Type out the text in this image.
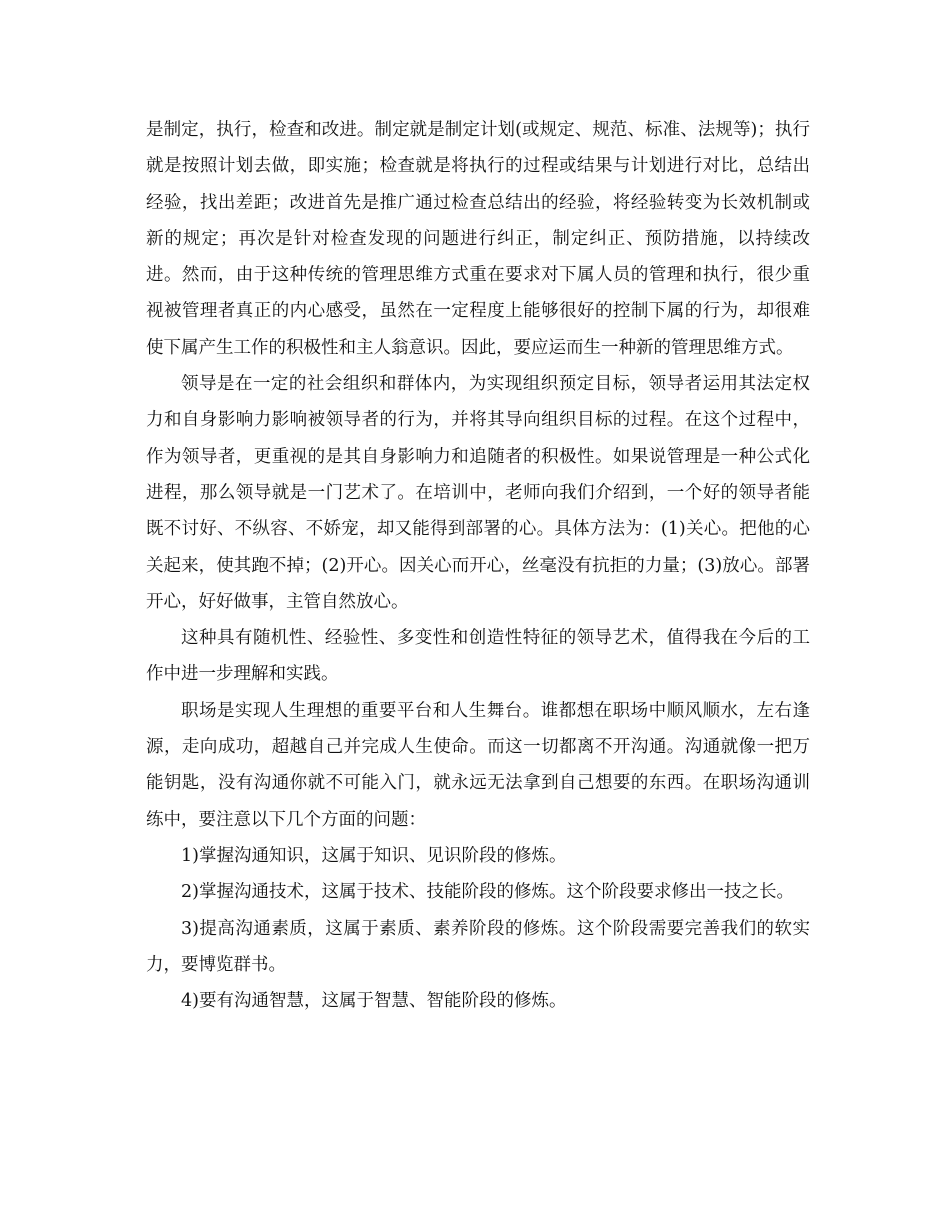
是制定，执行，检查和改进。制定就是制定计划(或规定、规范、标准、法规等)；执行就是按照计划去做，即实施；检查就是将执行的过程或结果与计划进行对比，总结出经验，找出差距；改进首先是推广通过检查总结出的经验，将经验转变为长效机制或新的规定；再次是针对检查发现的问题进行纠正，制定纠正、预防措施，以持续改进。然而，由于这种传统的管理思维方式重在要求对下属人员的管理和执行，很少重视被管理者真正的内心感受，虽然在一定程度上能够很好的控制下属的行为，却很难使下属产生工作的积极性和主人翁意识。因此，要应运而生一种新的管理思维方式。

领导是在一定的社会组织和群体内，为实现组织预定目标，领导者运用其法定权力和自身影响力影响被领导者的行为，并将其导向组织目标的过程。在这个过程中，作为领导者，更重视的是其自身影响力和追随者的积极性。如果说管理是一种公式化进程，那么领导就是一门艺术了。在培训中，老师向我们介绍到，一个好的领导者能既不讨好、不纵容、不娇宠，却又能得到部署的心。具体方法为：(1)关心。把他的心关起来，使其跑不掉；(2)开心。因关心而开心，丝毫没有抗拒的力量；(3)放心。部署开心，好好做事，主管自然放心。

这种具有随机性、经验性、多变性和创造性特征的领导艺术，值得我在今后的工作中进一步理解和实践。

职场是实现人生理想的重要平台和人生舞台。谁都想在职场中顺风顺水，左右逢源，走向成功，超越自己并完成人生使命。而这一切都离不开沟通。沟通就像一把万能钥匙，没有沟通你就不可能入门，就永远无法拿到自己想要的东西。在职场沟通训练中，要注意以下几个方面的问题：

1)掌握沟通知识，这属于知识、见识阶段的修炼。

2)掌握沟通技术，这属于技术、技能阶段的修炼。这个阶段要求修出一技之长。

3)提高沟通素质，这属于素质、素养阶段的修炼。这个阶段需要完善我们的软实力，要博览群书。

4)要有沟通智慧，这属于智慧、智能阶段的修炼。
